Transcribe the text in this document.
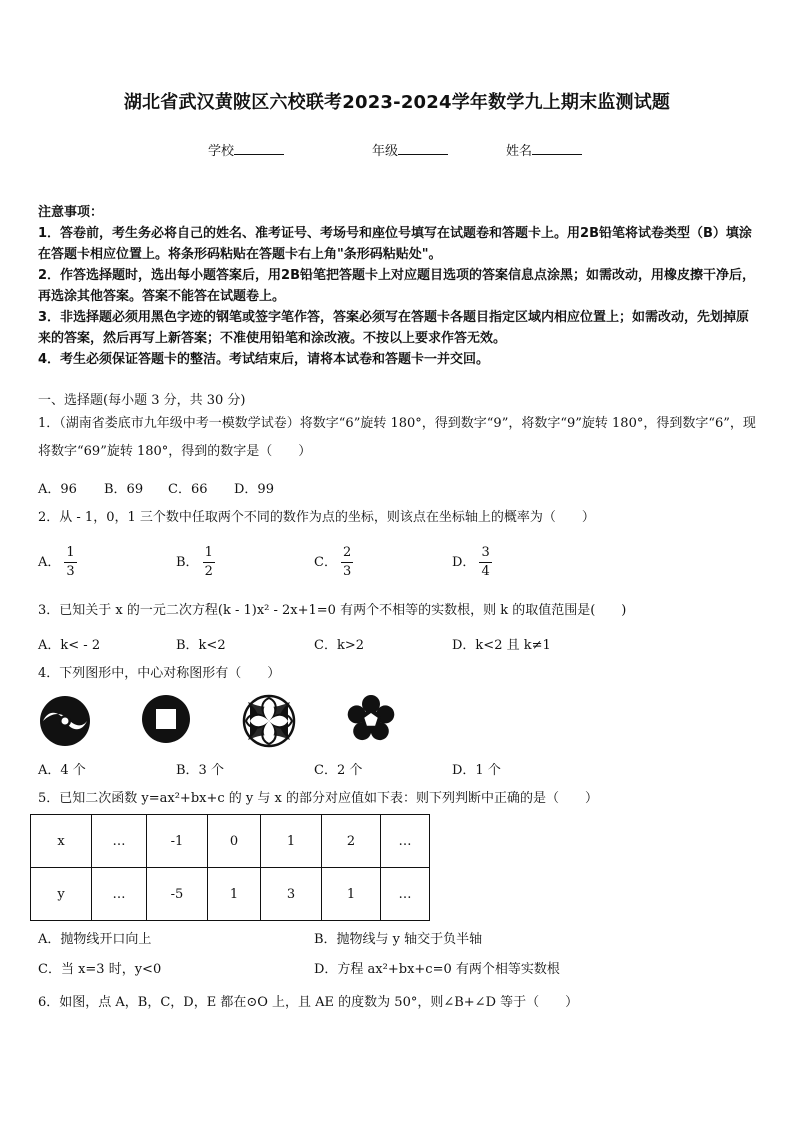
湖北省武汉黄陂区六校联考2023-2024学年数学九上期末监测试题
学校	年级	姓名

注意事项：

1．答卷前，考生务必将自己的姓名、准考证号、考场号和座位号填写在试题卷和答题卡上。用2B铅笔将试卷类型（B）填涂在答题卡相应位置上。将条形码粘贴在答题卡右上角"条形码粘贴处"。

2．作答选择题时，选出每小题答案后，用2B铅笔把答题卡上对应题目选项的答案信息点涂黑；如需改动，用橡皮擦干净后，再选涂其他答案。答案不能答在试题卷上。

3．非选择题必须用黑色字迹的钢笔或签字笔作答，答案必须写在答题卡各题目指定区域内相应位置上；如需改动，先划掉原来的答案，然后再写上新答案；不准使用铅笔和涂改液。不按以上要求作答无效。

4．考生必须保证答题卡的整洁。考试结束后，请将本试卷和答题卡一并交回。

一、选择题(每小题 3 分，共 30 分)
1．（湖南省娄底市九年级中考一模数学试卷）将数字“6”旋转 180°，得到数字“9”，将数字“9”旋转 180°，得到数字“6”，现将数字“69”旋转 180°，得到的数字是（　　）
A．96 B．69 C．66 D．99
2．从 - 1，0，1 三个数中任取两个不同的数作为点的坐标，则该点在坐标轴上的概率为（　　）
A． $\frac{1}{3}$	B． $\frac{1}{2}$	C． $\frac{2}{3}$	D． $\frac{3}{4}$
3．已知关于 x 的一元二次方程(k - 1)x² - 2x+1=0 有两个不相等的实数根，则 k 的取值范围是(　　)
A．k< - 2	B．k<2	C．k>2	D．k<2 且 k≠1
4．下列图形中，中心对称图形有（　　）
A．4 个	B．3 个	C．2 个	D．1 个
5．已知二次函数 y=ax²+bx+c 的 y 与 x 的部分对应值如下表：则下列判断中正确的是（　　）
x	…	-1	0	1	2	…
y	…	-5	1	3	1	…
A．抛物线开口向上	B．抛物线与 y 轴交于负半轴
C．当 x=3 时，y<0	D．方程 ax²+bx+c=0 有两个相等实数根
6．如图，点 A，B，C，D，E 都在⊙O 上，且 AE 的度数为 50°，则∠B+∠D 等于（　　）
